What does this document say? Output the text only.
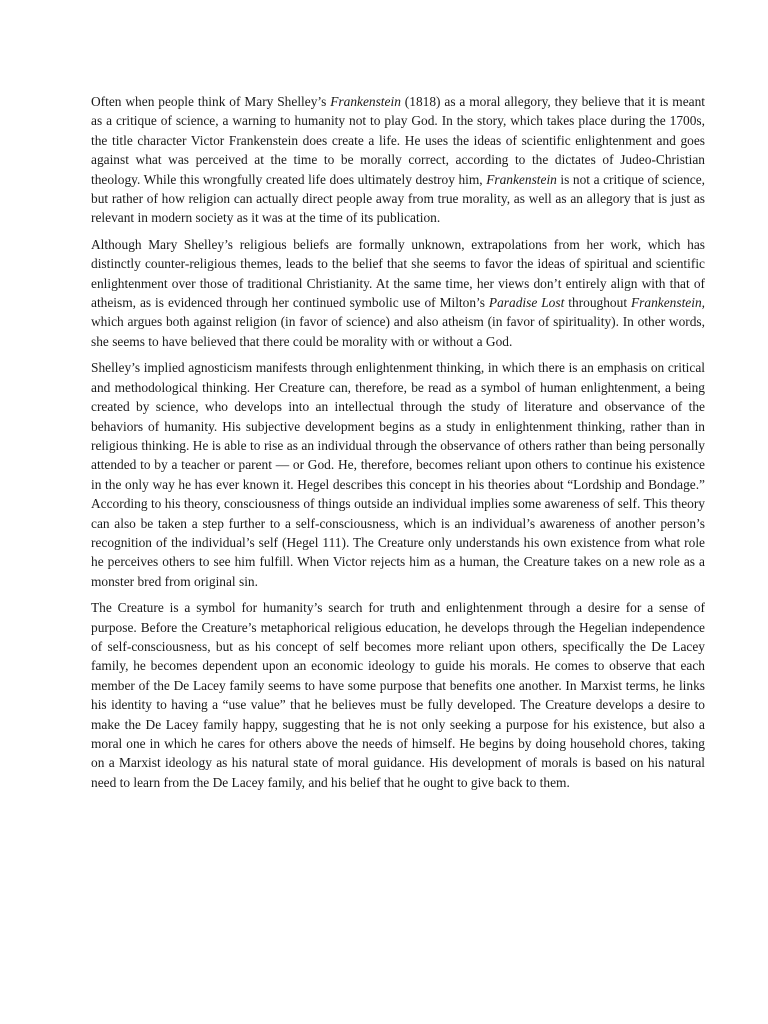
Often when people think of Mary Shelley’s Frankenstein (1818) as a moral allegory, they believe that it is meant as a critique of science, a warning to humanity not to play God. In the story, which takes place during the 1700s, the title character Victor Frankenstein does create a life. He uses the ideas of scientific enlightenment and goes against what was perceived at the time to be morally correct, according to the dictates of Judeo-Christian theology. While this wrongfully created life does ultimately destroy him, Frankenstein is not a critique of science, but rather of how religion can actually direct people away from true morality, as well as an allegory that is just as relevant in modern society as it was at the time of its publication.

Although Mary Shelley’s religious beliefs are formally unknown, extrapolations from her work, which has distinctly counter-religious themes, leads to the belief that she seems to favor the ideas of spiritual and scientific enlightenment over those of traditional Christianity. At the same time, her views don’t entirely align with that of atheism, as is evidenced through her continued symbolic use of Milton’s Paradise Lost throughout Frankenstein, which argues both against religion (in favor of science) and also atheism (in favor of spirituality). In other words, she seems to have believed that there could be morality with or without a God.

Shelley’s implied agnosticism manifests through enlightenment thinking, in which there is an emphasis on critical and methodological thinking. Her Creature can, therefore, be read as a symbol of human enlightenment, a being created by science, who develops into an intellectual through the study of literature and observance of the behaviors of humanity. His subjective development begins as a study in enlightenment thinking, rather than in religious thinking. He is able to rise as an individual through the observance of others rather than being personally attended to by a teacher or parent — or God. He, therefore, becomes reliant upon others to continue his existence in the only way he has ever known it. Hegel describes this concept in his theories about “Lordship and Bondage.” According to his theory, consciousness of things outside an individual implies some awareness of self. This theory can also be taken a step further to a self-consciousness, which is an individual’s awareness of another person’s recognition of the individual’s self (Hegel 111). The Creature only understands his own existence from what role he perceives others to see him fulfill. When Victor rejects him as a human, the Creature takes on a new role as a monster bred from original sin.

The Creature is a symbol for humanity’s search for truth and enlightenment through a desire for a sense of purpose. Before the Creature’s metaphorical religious education, he develops through the Hegelian independence of self-consciousness, but as his concept of self becomes more reliant upon others, specifically the De Lacey family, he becomes dependent upon an economic ideology to guide his morals. He comes to observe that each member of the De Lacey family seems to have some purpose that benefits one another. In Marxist terms, he links his identity to having a “use value” that he believes must be fully developed. The Creature develops a desire to make the De Lacey family happy, suggesting that he is not only seeking a purpose for his existence, but also a moral one in which he cares for others above the needs of himself. He begins by doing household chores, taking on a Marxist ideology as his natural state of moral guidance. His development of morals is based on his natural need to learn from the De Lacey family, and his belief that he ought to give back to them.
